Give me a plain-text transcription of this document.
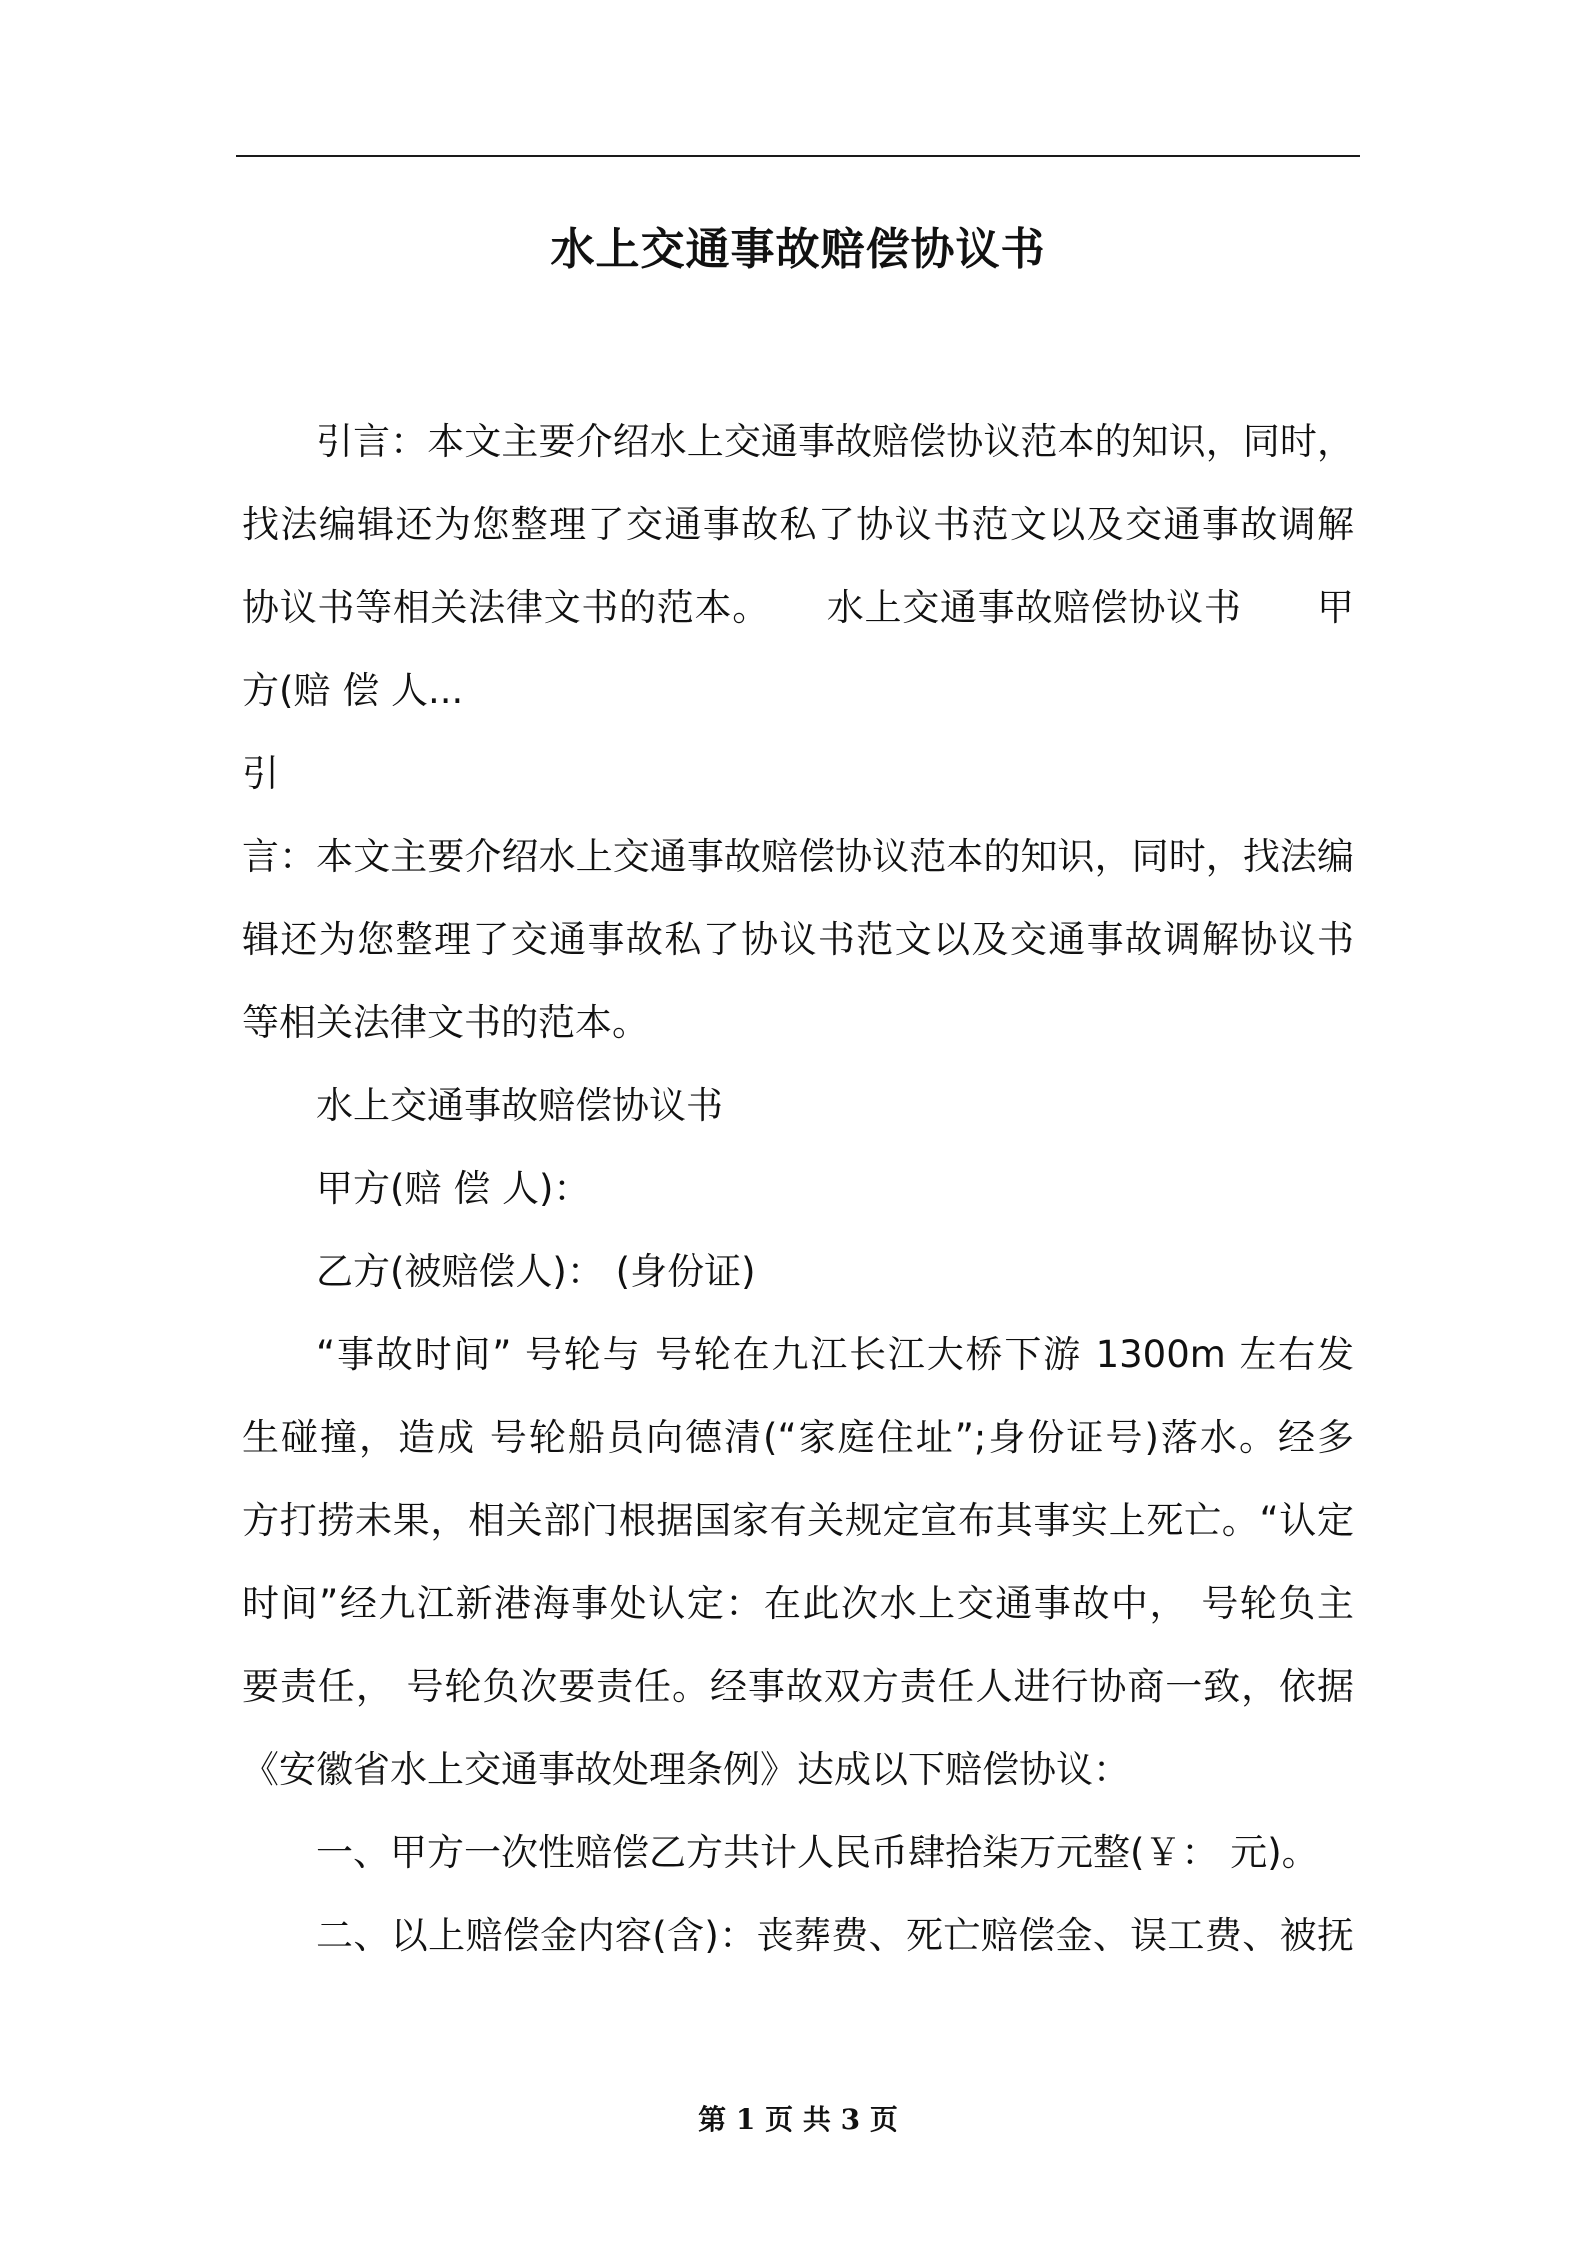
水上交通事故赔偿协议书

引言：本文主要介绍水上交通事故赔偿协议范本的知识，同时，
找法编辑还为您整理了交通事故私了协议书范文以及交通事故调解
协议书等相关法律文书的范本。　　水上交通事故赔偿协议书　　甲
方(赔 偿 人...

引
言：本文主要介绍水上交通事故赔偿协议范本的知识，同时，找法编
辑还为您整理了交通事故私了协议书范文以及交通事故调解协议书
等相关法律文书的范本。

水上交通事故赔偿协议书

甲方(赔 偿 人)：

乙方(被赔偿人)： (身份证)

“事故时间” 号轮与 号轮在九江长江大桥下游 1300m 左右发
生碰撞，造成 号轮船员向德清(“家庭住址”;身份证号)落水。经多
方打捞未果，相关部门根据国家有关规定宣布其事实上死亡。“认定
时间”经九江新港海事处认定：在此次水上交通事故中， 号轮负主
要责任， 号轮负次要责任。经事故双方责任人进行协商一致，依据
《安徽省水上交通事故处理条例》达成以下赔偿协议：

一、甲方一次性赔偿乙方共计人民币肆拾柒万元整(￥： 元)。

二、以上赔偿金内容(含)：丧葬费、死亡赔偿金、误工费、被抚

第 1 页 共 3 页
